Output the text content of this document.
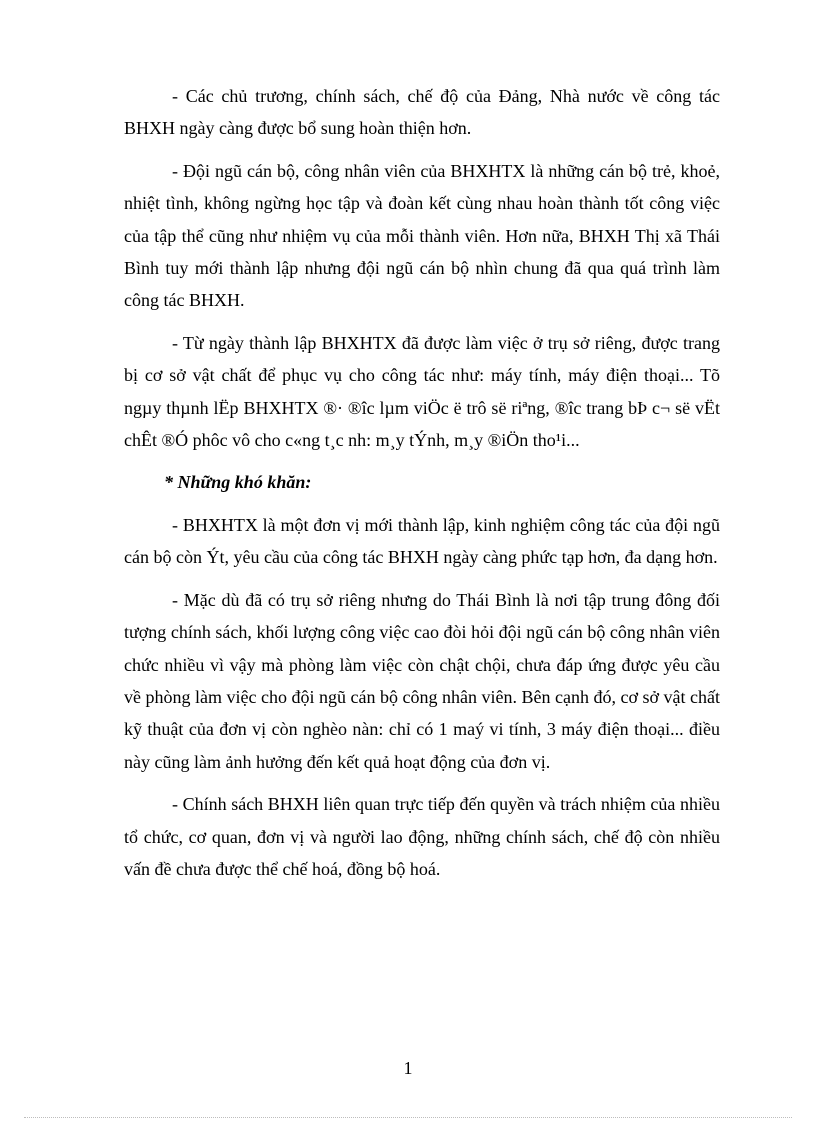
- Các chủ trương, chính sách, chế độ của Đảng, Nhà nước về công tác BHXH ngày càng được bổ sung hoàn thiện hơn.

- Đội ngũ cán bộ, công nhân viên của BHXHTX là những cán bộ trẻ, khoẻ, nhiệt tình, không ngừng học tập và đoàn kết cùng nhau hoàn thành tốt công việc của tập thể cũng như nhiệm vụ của mỗi thành viên. Hơn nữa, BHXH Thị xã Thái Bình tuy mới thành lập nhưng đội ngũ cán bộ nhìn chung đã qua quá trình làm công tác BHXH.

- Từ ngày thành lập BHXHTX đã được làm việc ở trụ sở riêng, được trang bị cơ sở vật chất để phục vụ cho công tác như: máy tính, máy điện thoại... Tõ ngµy thµnh lËp BHXHTX ®· ®îc lµm viÖc ë trô së riªng, ®îc trang bÞ c¬ së vËt chÊt ®Ó phôc vô cho c«ng t¸c nh: m¸y tÝnh, m¸y ®iÖn tho¹i...

* Những khó khăn:

- BHXHTX là một đơn vị mới thành lập, kinh nghiệm công tác của đội ngũ cán bộ còn Ýt, yêu cầu của công tác BHXH ngày càng phức tạp hơn, đa dạng hơn.

- Mặc dù đã có trụ sở riêng nhưng do Thái Bình là nơi tập trung đông đối tượng chính sách, khối lượng công việc cao đòi hỏi đội ngũ cán bộ công nhân viên chức nhiều vì vậy mà phòng làm việc còn chật chội, chưa đáp ứng được yêu cầu về phòng làm việc cho đội ngũ cán bộ công nhân viên. Bên cạnh đó, cơ sở vật chất kỹ thuật của đơn vị còn nghèo nàn: chỉ có 1 maý vi tính, 3 máy điện thoại... điều này cũng làm ảnh hưởng đến kết quả hoạt động của đơn vị.

- Chính sách BHXH liên quan trực tiếp đến quyền và trách nhiệm của nhiều tổ chức, cơ quan, đơn vị và người lao động, những chính sách, chế độ còn nhiều vấn đề chưa được thể chế hoá, đồng bộ hoá.

1
